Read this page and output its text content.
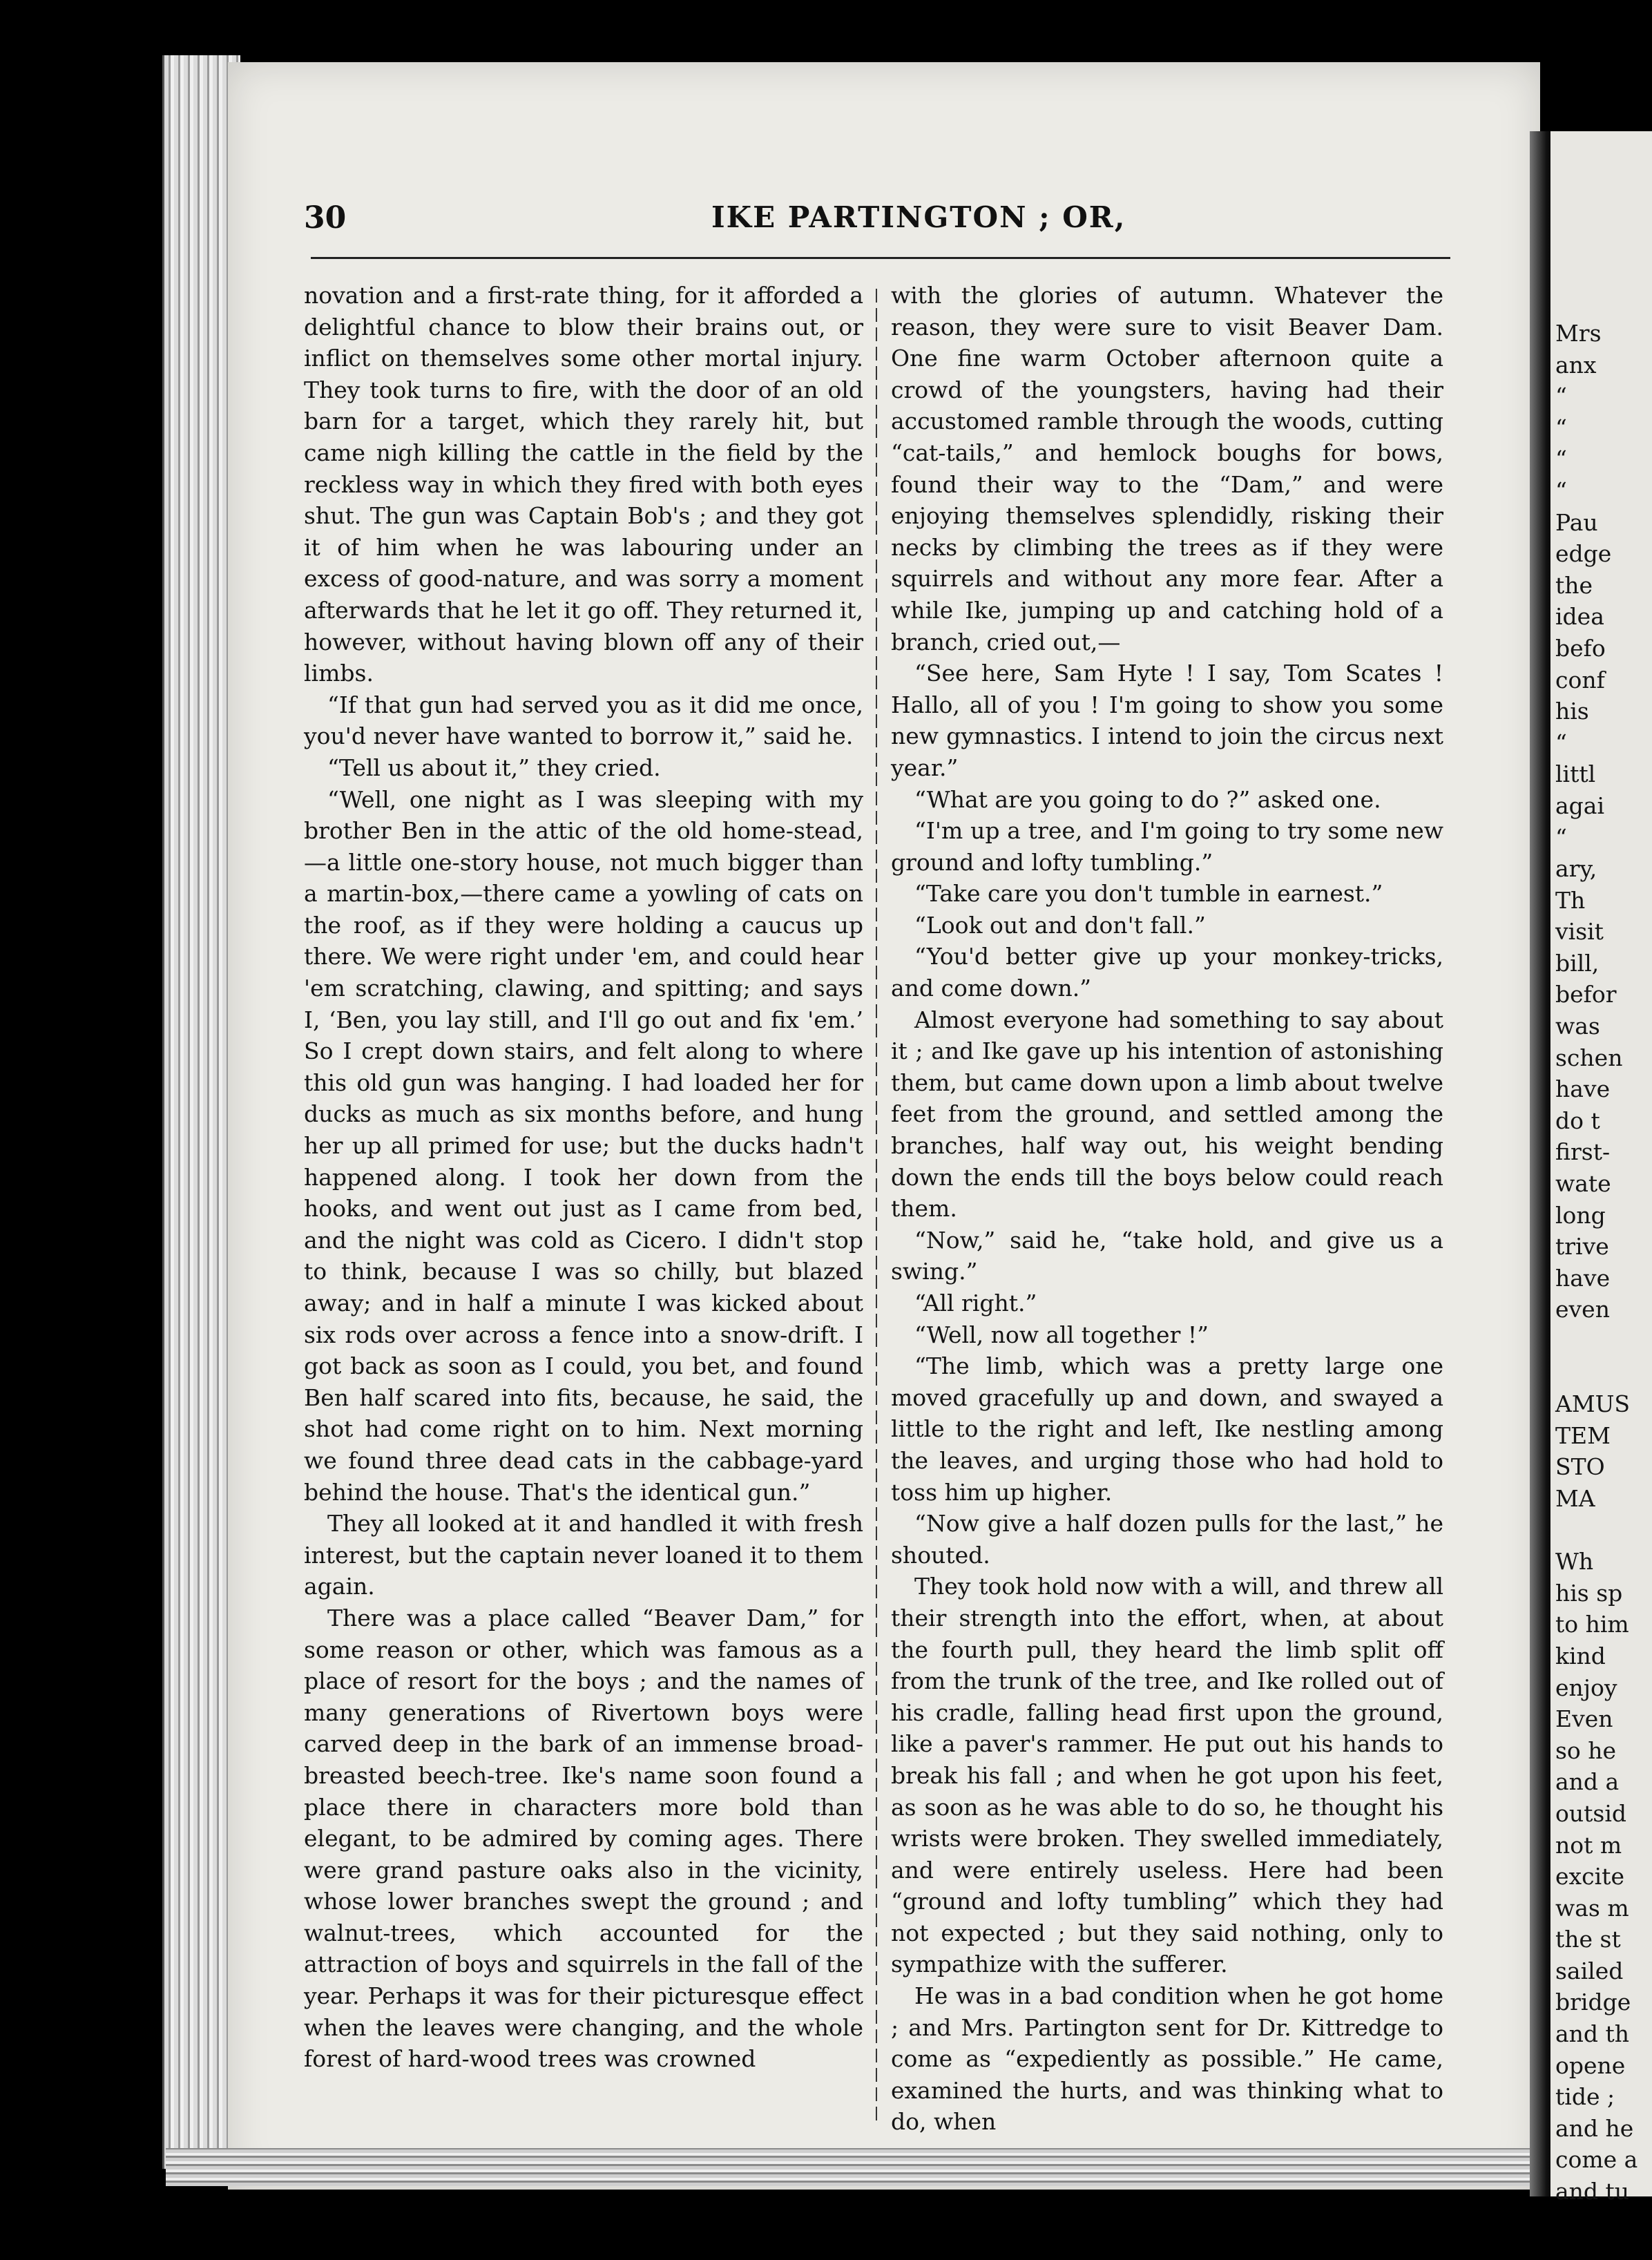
30	IKE PARTINGTON ; OR,

novation and a first-rate thing, for it afforded a delightful chance to blow their brains out, or inflict on themselves some other mortal injury. They took turns to fire, with the door of an old barn for a target, which they rarely hit, but came nigh killing the cattle in the field by the reckless way in which they fired with both eyes shut. The gun was Captain Bob's ; and they got it of him when he was labouring under an excess of good-nature, and was sorry a moment afterwards that he let it go off. They returned it, however, without having blown off any of their limbs.

“If that gun had served you as it did me once, you'd never have wanted to borrow it,” said he.

“Tell us about it,” they cried.

“Well, one night as I was sleeping with my brother Ben in the attic of the old home-stead,—a little one-story house, not much bigger than a martin-box,—there came a yowling of cats on the roof, as if they were holding a caucus up there. We were right under 'em, and could hear 'em scratching, clawing, and spitting; and says I, ‘Ben, you lay still, and I'll go out and fix 'em.’ So I crept down stairs, and felt along to where this old gun was hanging. I had loaded her for ducks as much as six months before, and hung her up all primed for use; but the ducks hadn't happened along. I took her down from the hooks, and went out just as I came from bed, and the night was cold as Cicero. I didn't stop to think, because I was so chilly, but blazed away; and in half a minute I was kicked about six rods over across a fence into a snow-drift. I got back as soon as I could, you bet, and found Ben half scared into fits, because, he said, the shot had come right on to him. Next morning we found three dead cats in the cabbage-yard behind the house. That's the identical gun.”

They all looked at it and handled it with fresh interest, but the captain never loaned it to them again.

There was a place called “Beaver Dam,” for some reason or other, which was famous as a place of resort for the boys ; and the names of many generations of Rivertown boys were carved deep in the bark of an immense broad-breasted beech-tree. Ike's name soon found a place there in characters more bold than elegant, to be admired by coming ages. There were grand pasture oaks also in the vicinity, whose lower branches swept the ground ; and walnut-trees, which accounted for the attraction of boys and squirrels in the fall of the year. Perhaps it was for their picturesque effect when the leaves were changing, and the whole forest of hard-wood trees was crowned

with the glories of autumn. Whatever the reason, they were sure to visit Beaver Dam. One fine warm October afternoon quite a crowd of the youngsters, having had their accustomed ramble through the woods, cutting “cat-tails,” and hemlock boughs for bows, found their way to the “Dam,” and were enjoying themselves splendidly, risking their necks by climbing the trees as if they were squirrels and without any more fear. After a while Ike, jumping up and catching hold of a branch, cried out,—

“See here, Sam Hyte ! I say, Tom Scates ! Hallo, all of you ! I'm going to show you some new gymnastics. I intend to join the circus next year.”

“What are you going to do ?” asked one.

“I'm up a tree, and I'm going to try some new ground and lofty tumbling.”

“Take care you don't tumble in earnest.”

“Look out and don't fall.”

“You'd better give up your monkey-tricks, and come down.”

Almost everyone had something to say about it ; and Ike gave up his intention of astonishing them, but came down upon a limb about twelve feet from the ground, and settled among the branches, half way out, his weight bending down the ends till the boys below could reach them.

“Now,” said he, “take hold, and give us a swing.”

“All right.”

“Well, now all together !”

“The limb, which was a pretty large one moved gracefully up and down, and swayed a little to the right and left, Ike nestling among the leaves, and urging those who had hold to toss him up higher.

“Now give a half dozen pulls for the last,” he shouted.

They took hold now with a will, and threw all their strength into the effort, when, at about the fourth pull, they heard the limb split off from the trunk of the tree, and Ike rolled out of his cradle, falling head first upon the ground, like a paver's rammer. He put out his hands to break his fall ; and when he got upon his feet, as soon as he was able to do so, he thought his wrists were broken. They swelled immediately, and were entirely useless. Here had been “ground and lofty tumbling” which they had not expected ; but they said nothing, only to sympathize with the sufferer.

He was in a bad condition when he got home ; and Mrs. Partington sent for Dr. Kittredge to come as “expediently as possible.” He came, examined the hurts, and was thinking what to do, when

Mrs
anx
“
“
“
“
Pau
edge
the
idea
befo
conf
his
“
littl
agai
“
ary,
Th
visit
bill,
befor
was
schen
have
do t
first-
wate
long
trive
have
even
AMUS
TEM
STO
MA
Wh
his sp
to him
kind
enjoy
Even
so he
and a
outsid
not m
excite
was m
the st
sailed
bridge
and th
opene
tide ;
and he
come a
and tu
